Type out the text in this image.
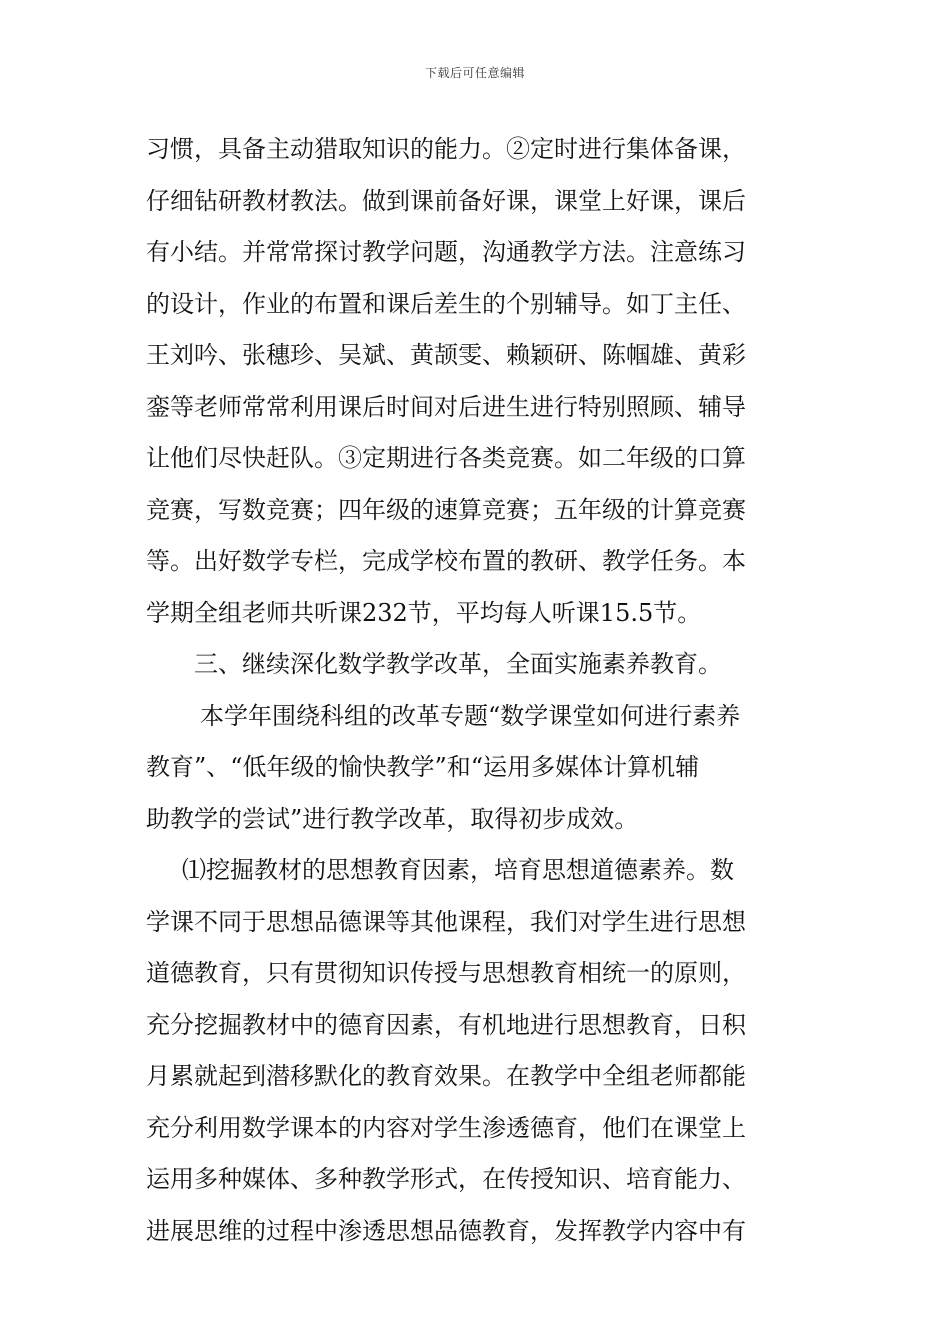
下载后可任意编辑
习惯，具备主动猎取知识的能力。②定时进行集体备课，
仔细钻研教材教法。做到课前备好课，课堂上好课，课后
有小结。并常常探讨教学问题，沟通教学方法。注意练习
的设计，作业的布置和课后差生的个别辅导。如丁主任、
王刘吟、张穗珍、吴斌、黄颉雯、赖颖研、陈帼雄、黄彩
銮等老师常常利用课后时间对后进生进行特别照顾、辅导
让他们尽快赶队。③定期进行各类竞赛。如二年级的口算
竞赛，写数竞赛；四年级的速算竞赛；五年级的计算竞赛
等。出好数学专栏，完成学校布置的教研、教学任务。本
学期全组老师共听课232节，平均每人听课15.5节。
三、继续深化数学教学改革，全面实施素养教育。
本学年围绕科组的改革专题“数学课堂如何进行素养
教育”、“低年级的愉快教学”和“运用多媒体计算机辅
助教学的尝试”进行教学改革，取得初步成效。
⑴挖掘教材的思想教育因素，培育思想道德素养。数
学课不同于思想品德课等其他课程，我们对学生进行思想
道德教育，只有贯彻知识传授与思想教育相统一的原则，
充分挖掘教材中的德育因素，有机地进行思想教育，日积
月累就起到潜移默化的教育效果。在教学中全组老师都能
充分利用数学课本的内容对学生渗透德育，他们在课堂上
运用多种媒体、多种教学形式，在传授知识、培育能力、
进展思维的过程中渗透思想品德教育，发挥教学内容中有
